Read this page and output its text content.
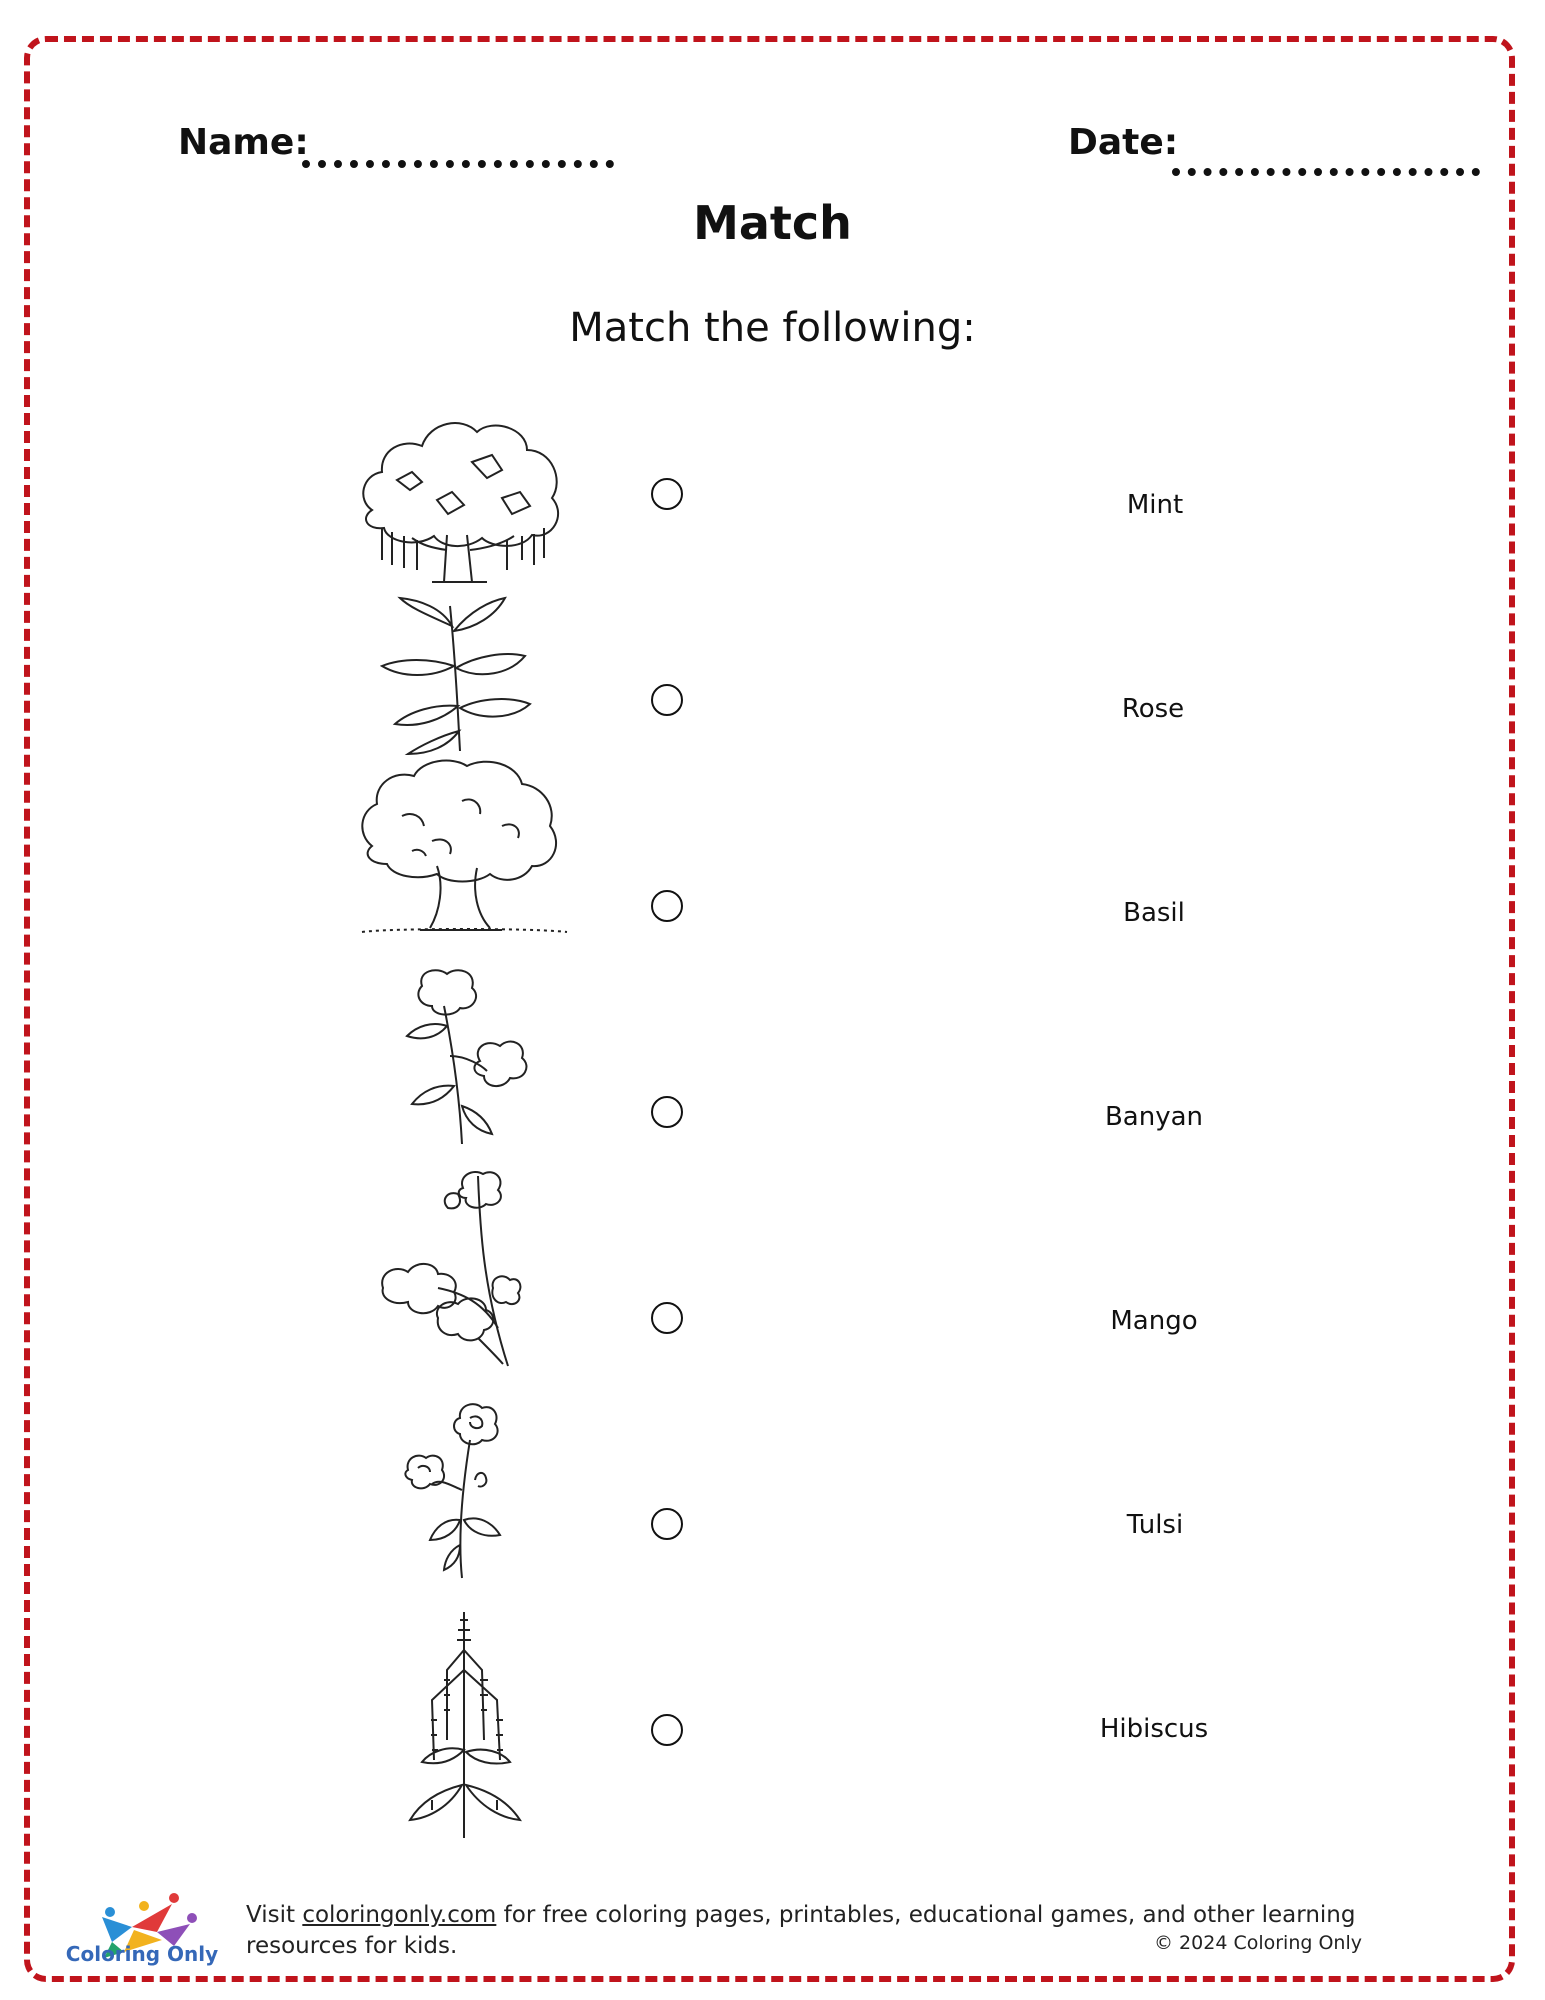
Name:	Date:
Match
Match the following:
Mint
Rose
Basil
Banyan
Mango
Tulsi
Hibiscus
Coloring Only
Visit coloringonly.com for free coloring pages, printables, educational games, and other learning resources for kids.	© 2024 Coloring Only
